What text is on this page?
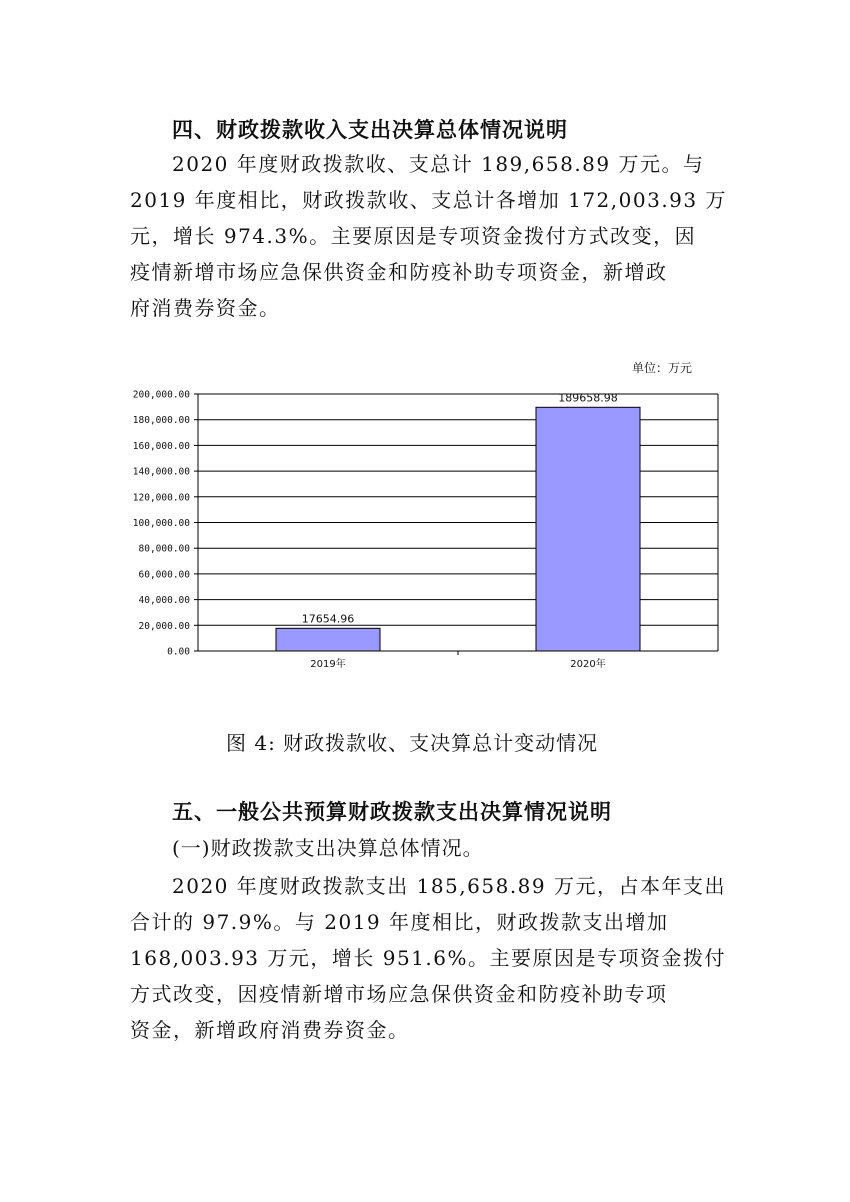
四、财政拨款收入支出决算总体情况说明
2020 年度财政拨款收、支总计 189,658.89 万元。与
2019 年度相比，财政拨款收、支总计各增加 172,003.93 万
元，增长 974.3%。主要原因是专项资金拨付方式改变，因
疫情新增市场应急保供资金和防疫补助专项资金，新增政
府消费券资金。
单位：万元
0.00
20,000.00
40,000.00
60,000.00
80,000.00
100,000.00
120,000.00
140,000.00
160,000.00
180,000.00
200,000.00
17654.96
2019年
189658.98
2020年
图 4: 财政拨款收、支决算总计变动情况
五、一般公共预算财政拨款支出决算情况说明
(一)财政拨款支出决算总体情况。
2020 年度财政拨款支出 185,658.89 万元，占本年支出
合计的 97.9%。与 2019 年度相比，财政拨款支出增加
168,003.93 万元，增长 951.6%。主要原因是专项资金拨付
方式改变，因疫情新增市场应急保供资金和防疫补助专项
资金，新增政府消费券资金。
